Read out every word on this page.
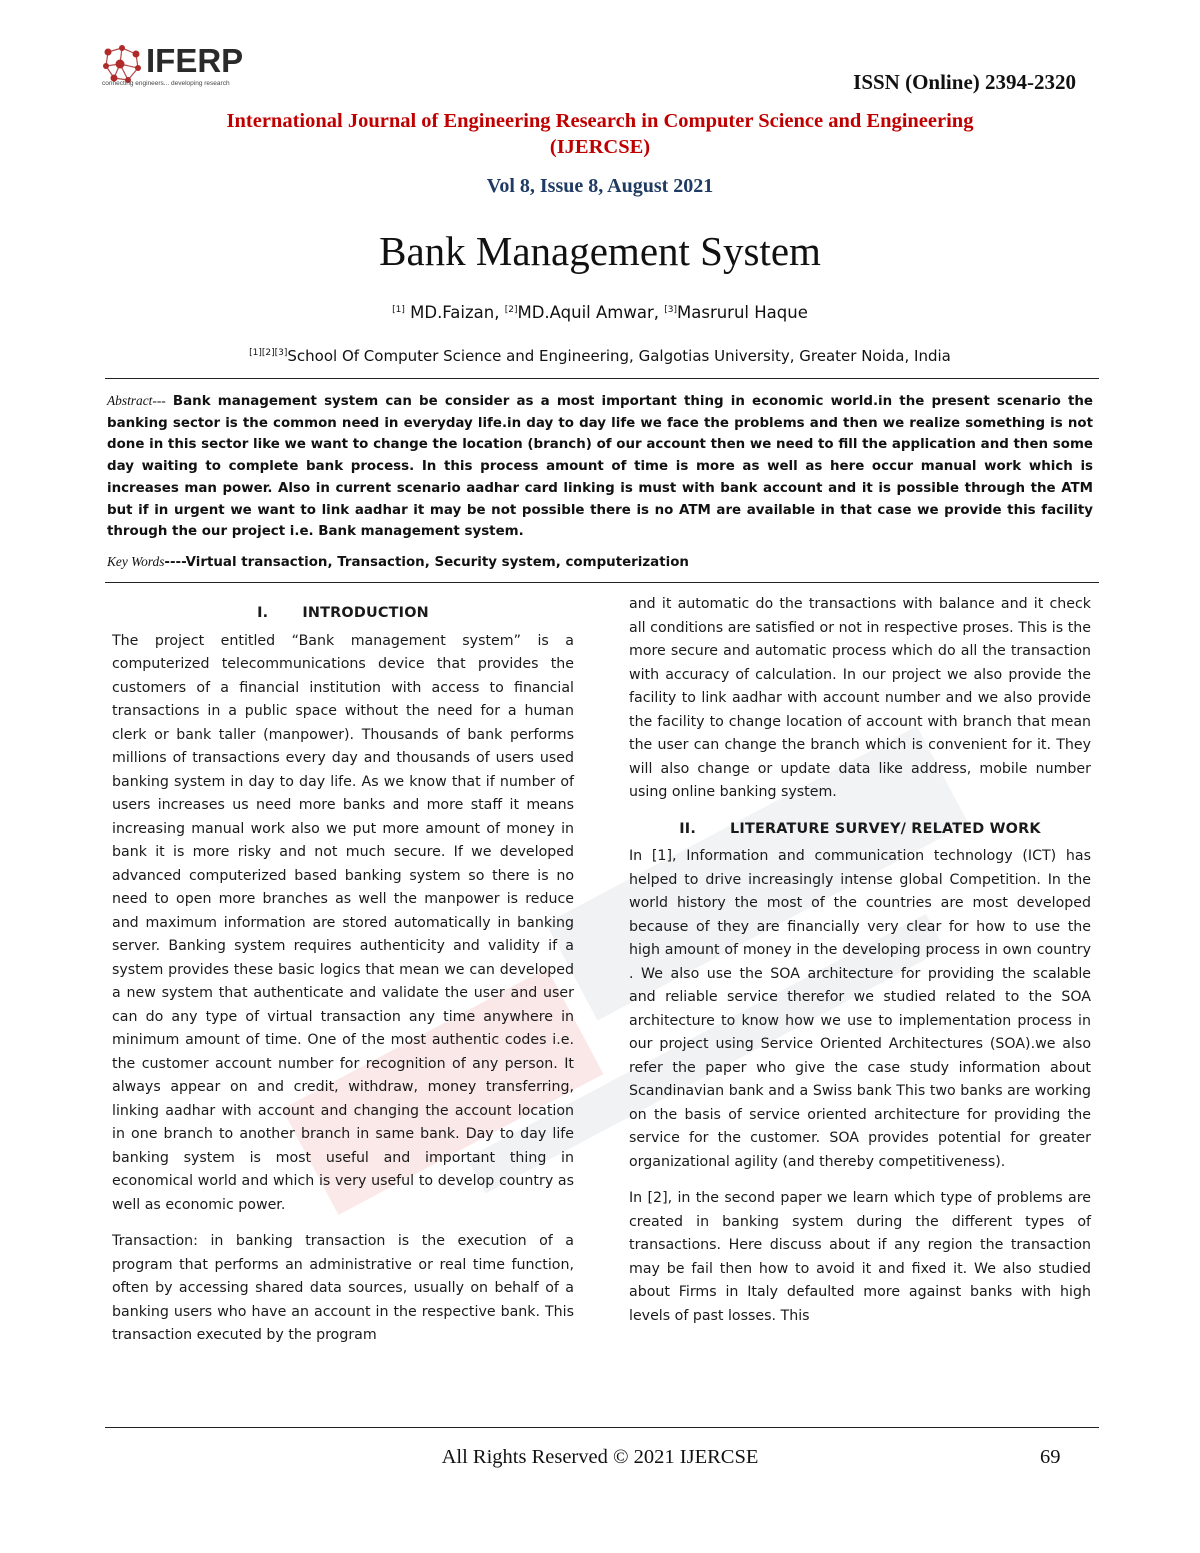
IFERP
connecting engineers... developing research	ISSN (Online) 2394-2320
International Journal of Engineering Research in Computer Science and Engineering
(IJERCSE)
Vol 8, Issue 8, August 2021
Bank Management System
[1] MD.Faizan, [2]MD.Aquil Amwar, [3]Masrurul Haque
[1][2][3]School Of Computer Science and Engineering, Galgotias University, Greater Noida, India
Abstract--- Bank management system can be consider as a most important thing in economic world.in the present scenario the banking sector is the common need in everyday life.in day to day life we face the problems and then we realize something is not done in this sector like we want to change the location (branch) of our account then we need to fill the application and then some day waiting to complete bank process. In this process amount of time is more as well as here occur manual work which is increases man power. Also in current scenario aadhar card linking is must with bank account and it is possible through the ATM but if in urgent we want to link aadhar it may be not possible there is no ATM are available in that case we provide this facility through the our project i.e. Bank management system.
Key Words----Virtual transaction, Transaction, Security system, computerization
I. INTRODUCTION

The project entitled “Bank management system” is a computerized telecommunications device that provides the customers of a financial institution with access to financial transactions in a public space without the need for a human clerk or bank taller (manpower). Thousands of bank performs millions of transactions every day and thousands of users used banking system in day to day life. As we know that if number of users increases us need more banks and more staff it means increasing manual work also we put more amount of money in bank it is more risky and not much secure. If we developed advanced computerized based banking system so there is no need to open more branches as well the manpower is reduce and maximum information are stored automatically in banking server. Banking system requires authenticity and validity if a system provides these basic logics that mean we can developed a new system that authenticate and validate the user and user can do any type of virtual transaction any time anywhere in minimum amount of time. One of the most authentic codes i.e. the customer account number for recognition of any person. It always appear on and credit, withdraw, money transferring, linking aadhar with account and changing the account location in one branch to another branch in same bank. Day to day life banking system is most useful and important thing in economical world and which is very useful to develop country as well as economic power.

Transaction: in banking transaction is the execution of a program that performs an administrative or real time function, often by accessing shared data sources, usually on behalf of a banking users who have an account in the respective bank. This transaction executed by the program

and it automatic do the transactions with balance and it check all conditions are satisfied or not in respective proses. This is the more secure and automatic process which do all the transaction with accuracy of calculation. In our project we also provide the facility to link aadhar with account number and we also provide the facility to change location of account with branch that mean the user can change the branch which is convenient for it. They will also change or update data like address, mobile number using online banking system.

II. LITERATURE SURVEY/ RELATED WORK

In [1], Information and communication technology (ICT) has helped to drive increasingly intense global Competition. In the world history the most of the countries are most developed because of they are financially very clear for how to use the high amount of money in the developing process in own country . We also use the SOA architecture for providing the scalable and reliable service therefor we studied related to the SOA architecture to know how we use to implementation process in our project using Service Oriented Architectures (SOA).we also refer the paper who give the case study information about Scandinavian bank and a Swiss bank This two banks are working on the basis of service oriented architecture for providing the service for the customer. SOA provides potential for greater organizational agility (and thereby competitiveness).

In [2], in the second paper we learn which type of problems are created in banking system during the different types of transactions. Here discuss about if any region the transaction may be fail then how to avoid it and fixed it. We also studied about Firms in Italy defaulted more against banks with high levels of past losses. This

All Rights Reserved © 2021 IJERCSE	69
